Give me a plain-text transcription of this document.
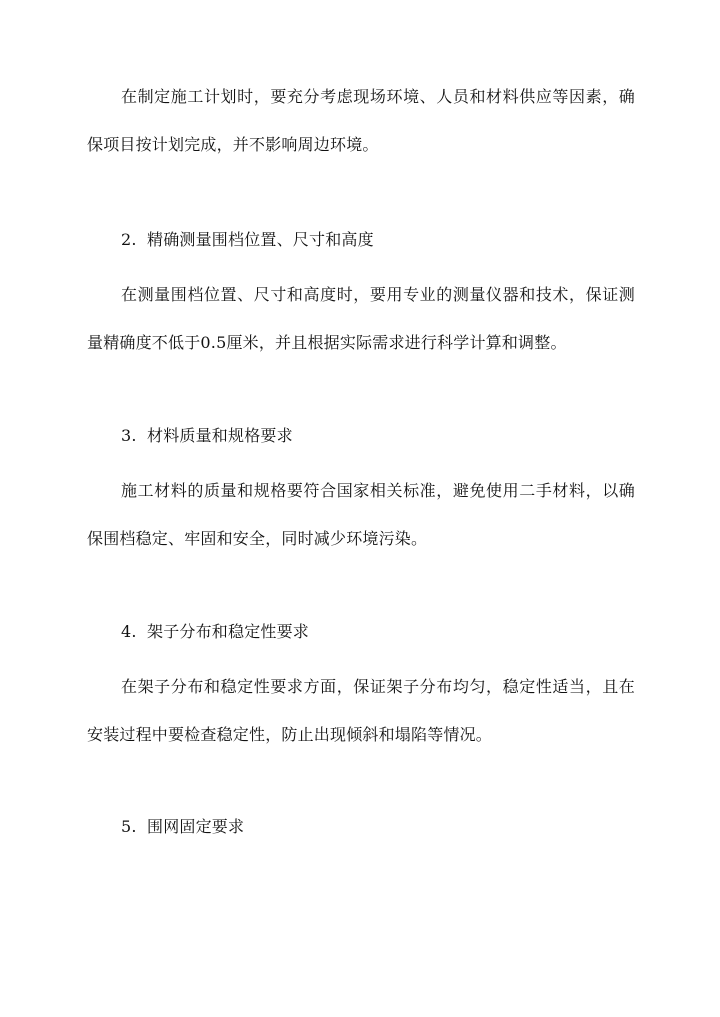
在制定施工计划时，要充分考虑现场环境、人员和材料供应等因素，确保项目按计划完成，并不影响周边环境。

2. 精确测量围档位置、尺寸和高度

在测量围档位置、尺寸和高度时，要用专业的测量仪器和技术，保证测量精确度不低于0.5厘米，并且根据实际需求进行科学计算和调整。

3. 材料质量和规格要求

施工材料的质量和规格要符合国家相关标准，避免使用二手材料，以确保围档稳定、牢固和安全，同时减少环境污染。

4. 架子分布和稳定性要求

在架子分布和稳定性要求方面，保证架子分布均匀，稳定性适当，且在安装过程中要检查稳定性，防止出现倾斜和塌陷等情况。

5. 围网固定要求
